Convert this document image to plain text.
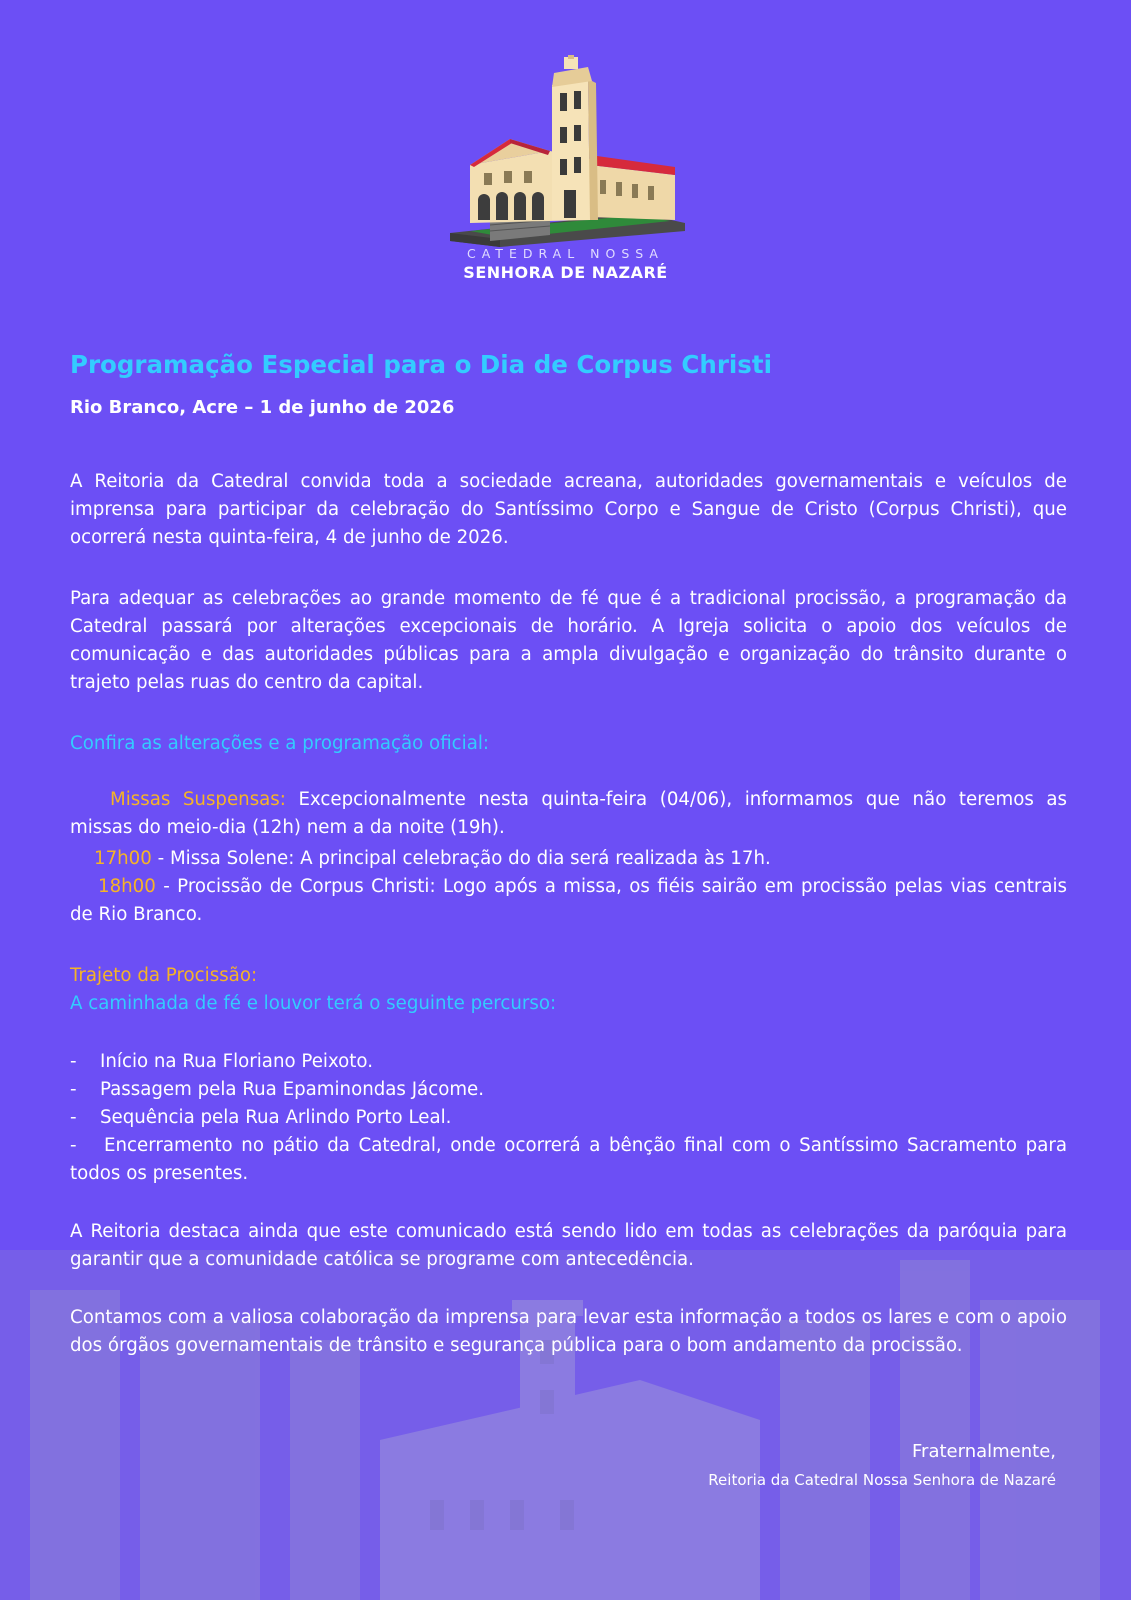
CATEDRAL NOSSA
SENHORA DE NAZARÉ
Programação Especial para o Dia de Corpus Christi
Rio Branco, Acre – 1 de junho de 2026

A Reitoria da Catedral convida toda a sociedade acreana, autoridades governamentais e veículos de imprensa para participar da celebração do Santíssimo Corpo e Sangue de Cristo (Corpus Christi), que ocorrerá nesta quinta-feira, 4 de junho de 2026.

Para adequar as celebrações ao grande momento de fé que é a tradicional procissão, a programação da Catedral passará por alterações excepcionais de horário. A Igreja solicita o apoio dos veículos de comunicação e das autoridades públicas para a ampla divulgação e organização do trânsito durante o trajeto pelas ruas do centro da capital.

Confira as alterações e a programação oficial:

Missas Suspensas: Excepcionalmente nesta quinta-feira (04/06), informamos que não teremos as missas do meio-dia (12h) nem a da noite (19h).

17h00 - Missa Solene: A principal celebração do dia será realizada às 17h.

18h00 - Procissão de Corpus Christi: Logo após a missa, os fiéis sairão em procissão pelas vias centrais de Rio Branco.

Trajeto da Procissão:
A caminhada de fé e louvor terá o seguinte percurso:
-	Início na Rua Floriano Peixoto.
-	Passagem pela Rua Epaminondas Jácome.
-	Sequência pela Rua Arlindo Porto Leal.
-	Encerramento no pátio da Catedral, onde ocorrerá a bênção final com o Santíssimo Sacramento para todos os presentes.

A Reitoria destaca ainda que este comunicado está sendo lido em todas as celebrações da paróquia para garantir que a comunidade católica se programe com antecedência.

Contamos com a valiosa colaboração da imprensa para levar esta informação a todos os lares e com o apoio dos órgãos governamentais de trânsito e segurança pública para o bom andamento da procissão.

Fraternalmente,
Reitoria da Catedral Nossa Senhora de Nazaré
